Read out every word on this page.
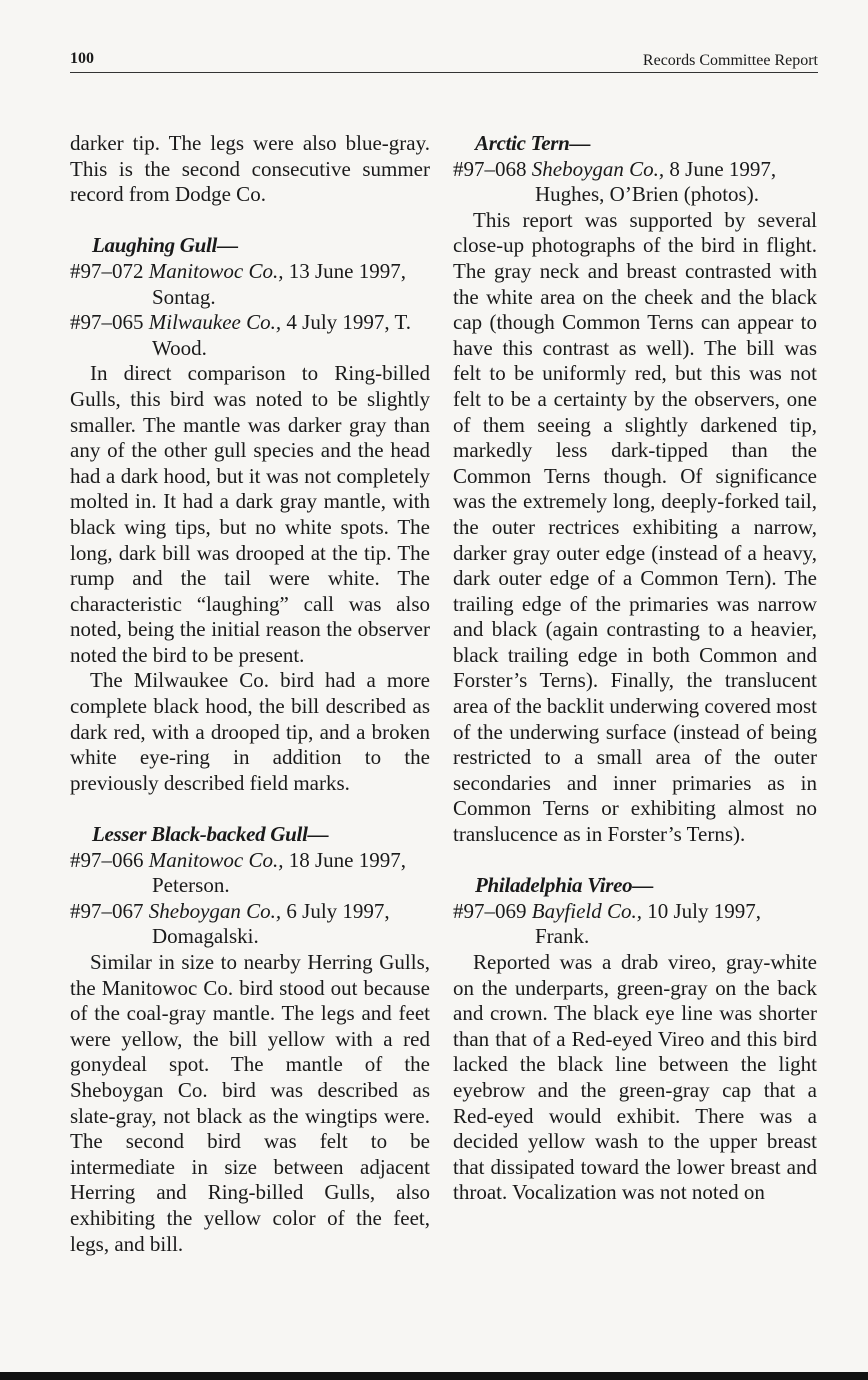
100	Records Committee Report

darker tip. The legs were also blue-gray. This is the second consecutive summer record from Dodge Co.

Laughing Gull—

#97–072 Manitowoc Co., 13 June 1997, Sontag.

#97–065 Milwaukee Co., 4 July 1997, T. Wood.

In direct comparison to Ring-billed Gulls, this bird was noted to be slightly smaller. The mantle was darker gray than any of the other gull species and the head had a dark hood, but it was not completely molted in. It had a dark gray mantle, with black wing tips, but no white spots. The long, dark bill was drooped at the tip. The rump and the tail were white. The characteristic “laughing” call was also noted, being the initial reason the observer noted the bird to be present.

The Milwaukee Co. bird had a more complete black hood, the bill described as dark red, with a drooped tip, and a broken white eye-ring in addition to the previously described field marks.

Lesser Black-backed Gull—

#97–066 Manitowoc Co., 18 June 1997, Peterson.

#97–067 Sheboygan Co., 6 July 1997, Domagalski.

Similar in size to nearby Herring Gulls, the Manitowoc Co. bird stood out because of the coal-gray mantle. The legs and feet were yellow, the bill yellow with a red gonydeal spot. The mantle of the Sheboygan Co. bird was described as slate-gray, not black as the wingtips were. The second bird was felt to be intermediate in size between adjacent Herring and Ring-billed Gulls, also exhibiting the yellow color of the feet, legs, and bill.

Arctic Tern—

#97–068 Sheboygan Co., 8 June 1997, Hughes, O’Brien (photos).

This report was supported by several close-up photographs of the bird in flight. The gray neck and breast contrasted with the white area on the cheek and the black cap (though Common Terns can appear to have this contrast as well). The bill was felt to be uniformly red, but this was not felt to be a certainty by the observers, one of them seeing a slightly darkened tip, markedly less dark-tipped than the Common Terns though. Of significance was the extremely long, deeply-forked tail, the outer rectrices exhibiting a narrow, darker gray outer edge (instead of a heavy, dark outer edge of a Common Tern). The trailing edge of the primaries was narrow and black (again contrasting to a heavier, black trailing edge in both Common and Forster’s Terns). Finally, the translucent area of the backlit underwing covered most of the underwing surface (instead of being restricted to a small area of the outer secondaries and inner primaries as in Common Terns or exhibiting almost no translucence as in Forster’s Terns).

Philadelphia Vireo—

#97–069 Bayfield Co., 10 July 1997, Frank.

Reported was a drab vireo, gray-white on the underparts, green-gray on the back and crown. The black eye line was shorter than that of a Red-eyed Vireo and this bird lacked the black line between the light eyebrow and the green-gray cap that a Red-eyed would exhibit. There was a decided yellow wash to the upper breast that dissipated toward the lower breast and throat. Vocalization was not noted on
